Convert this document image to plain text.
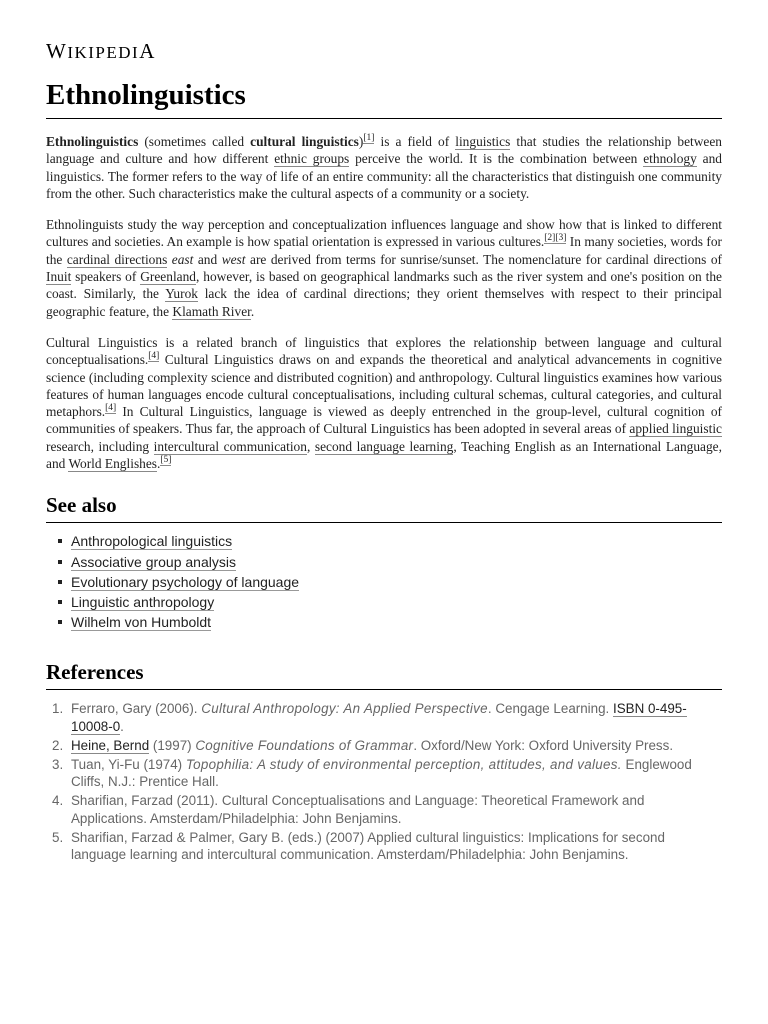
WIKIPEDIA
Ethnolinguistics

Ethnolinguistics (sometimes called cultural linguistics)[1] is a field of linguistics that studies the relationship between language and culture and how different ethnic groups perceive the world. It is the combination between ethnology and linguistics. The former refers to the way of life of an entire community: all the characteristics that distinguish one community from the other. Such characteristics make the cultural aspects of a community or a society.

Ethnolinguists study the way perception and conceptualization influences language and show how that is linked to different cultures and societies. An example is how spatial orientation is expressed in various cultures.[2][3] In many societies, words for the cardinal directions east and west are derived from terms for sunrise/sunset. The nomenclature for cardinal directions of Inuit speakers of Greenland, however, is based on geographical landmarks such as the river system and one's position on the coast. Similarly, the Yurok lack the idea of cardinal directions; they orient themselves with respect to their principal geographic feature, the Klamath River.

Cultural Linguistics is a related branch of linguistics that explores the relationship between language and cultural conceptualisations.[4] Cultural Linguistics draws on and expands the theoretical and analytical advancements in cognitive science (including complexity science and distributed cognition) and anthropology. Cultural linguistics examines how various features of human languages encode cultural conceptualisations, including cultural schemas, cultural categories, and cultural metaphors.[4] In Cultural Linguistics, language is viewed as deeply entrenched in the group-level, cultural cognition of communities of speakers. Thus far, the approach of Cultural Linguistics has been adopted in several areas of applied linguistic research, including intercultural communication, second language learning, Teaching English as an International Language, and World Englishes.[5]

See also
Anthropological linguistics
Associative group analysis
Evolutionary psychology of language
Linguistic anthropology
Wilhelm von Humboldt
References
1. Ferraro, Gary (2006). Cultural Anthropology: An Applied Perspective. Cengage Learning. ISBN 0-495-10008-0.
2. Heine, Bernd (1997) Cognitive Foundations of Grammar. Oxford/New York: Oxford University Press.
3. Tuan, Yi-Fu (1974) Topophilia: A study of environmental perception, attitudes, and values. Englewood Cliffs, N.J.: Prentice Hall.
4. Sharifian, Farzad (2011). Cultural Conceptualisations and Language: Theoretical Framework and Applications. Amsterdam/Philadelphia: John Benjamins.
5. Sharifian, Farzad & Palmer, Gary B. (eds.) (2007) Applied cultural linguistics: Implications for second language learning and intercultural communication. Amsterdam/Philadelphia: John Benjamins.
